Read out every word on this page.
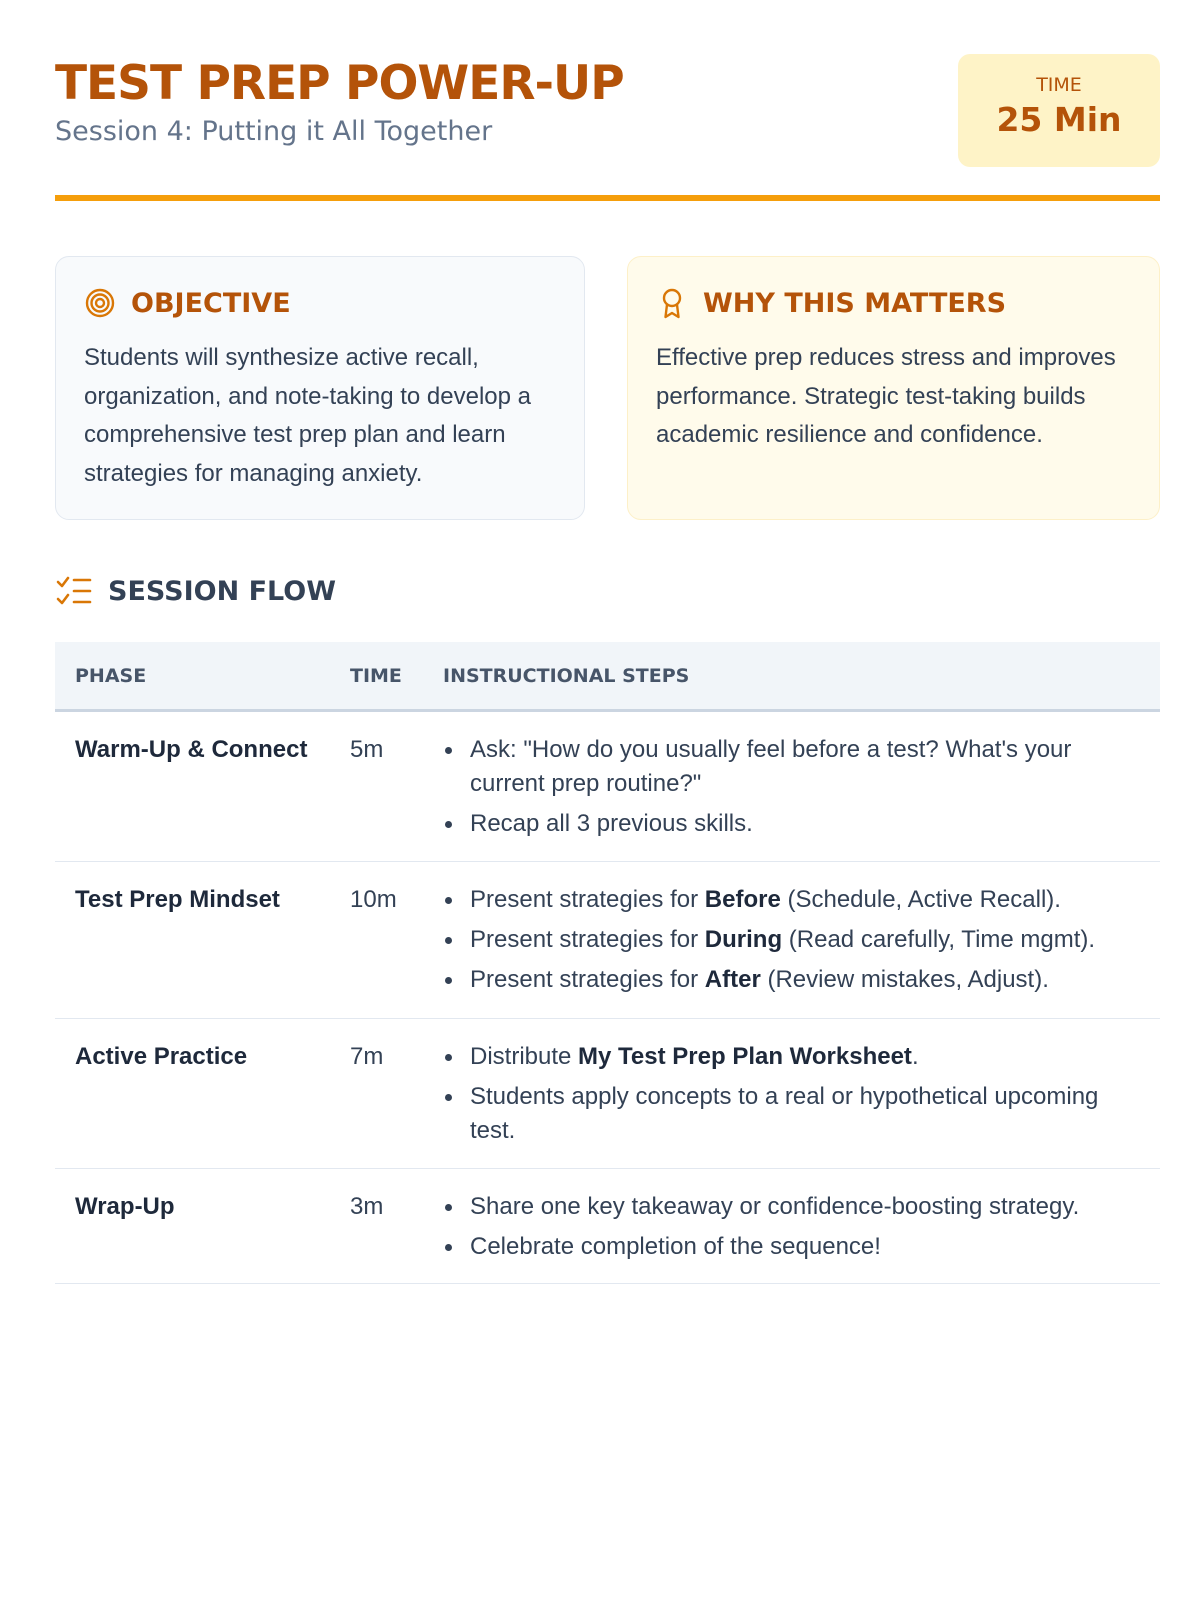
TEST PREP POWER-UP
Session 4: Putting it All Together
TIME
25 Min
OBJECTIVE
Students will synthesize active recall, organization, and note-taking to develop a comprehensive test prep plan and learn strategies for managing anxiety.
WHY THIS MATTERS
Effective prep reduces stress and improves performance. Strategic test-taking builds academic resilience and confidence.
SESSION FLOW
PHASE	TIME	INSTRUCTIONAL STEPS
Warm-Up & Connect	5m	Ask: "How do you usually feel before a test? What's your current prep routine?"
Recap all 3 previous skills.
Test Prep Mindset	10m	Present strategies for Before (Schedule, Active Recall).
Present strategies for During (Read carefully, Time mgmt).
Present strategies for After (Review mistakes, Adjust).
Active Practice	7m	Distribute My Test Prep Plan Worksheet.
Students apply concepts to a real or hypothetical upcoming test.
Wrap-Up	3m	Share one key takeaway or confidence-boosting strategy.
Celebrate completion of the sequence!
